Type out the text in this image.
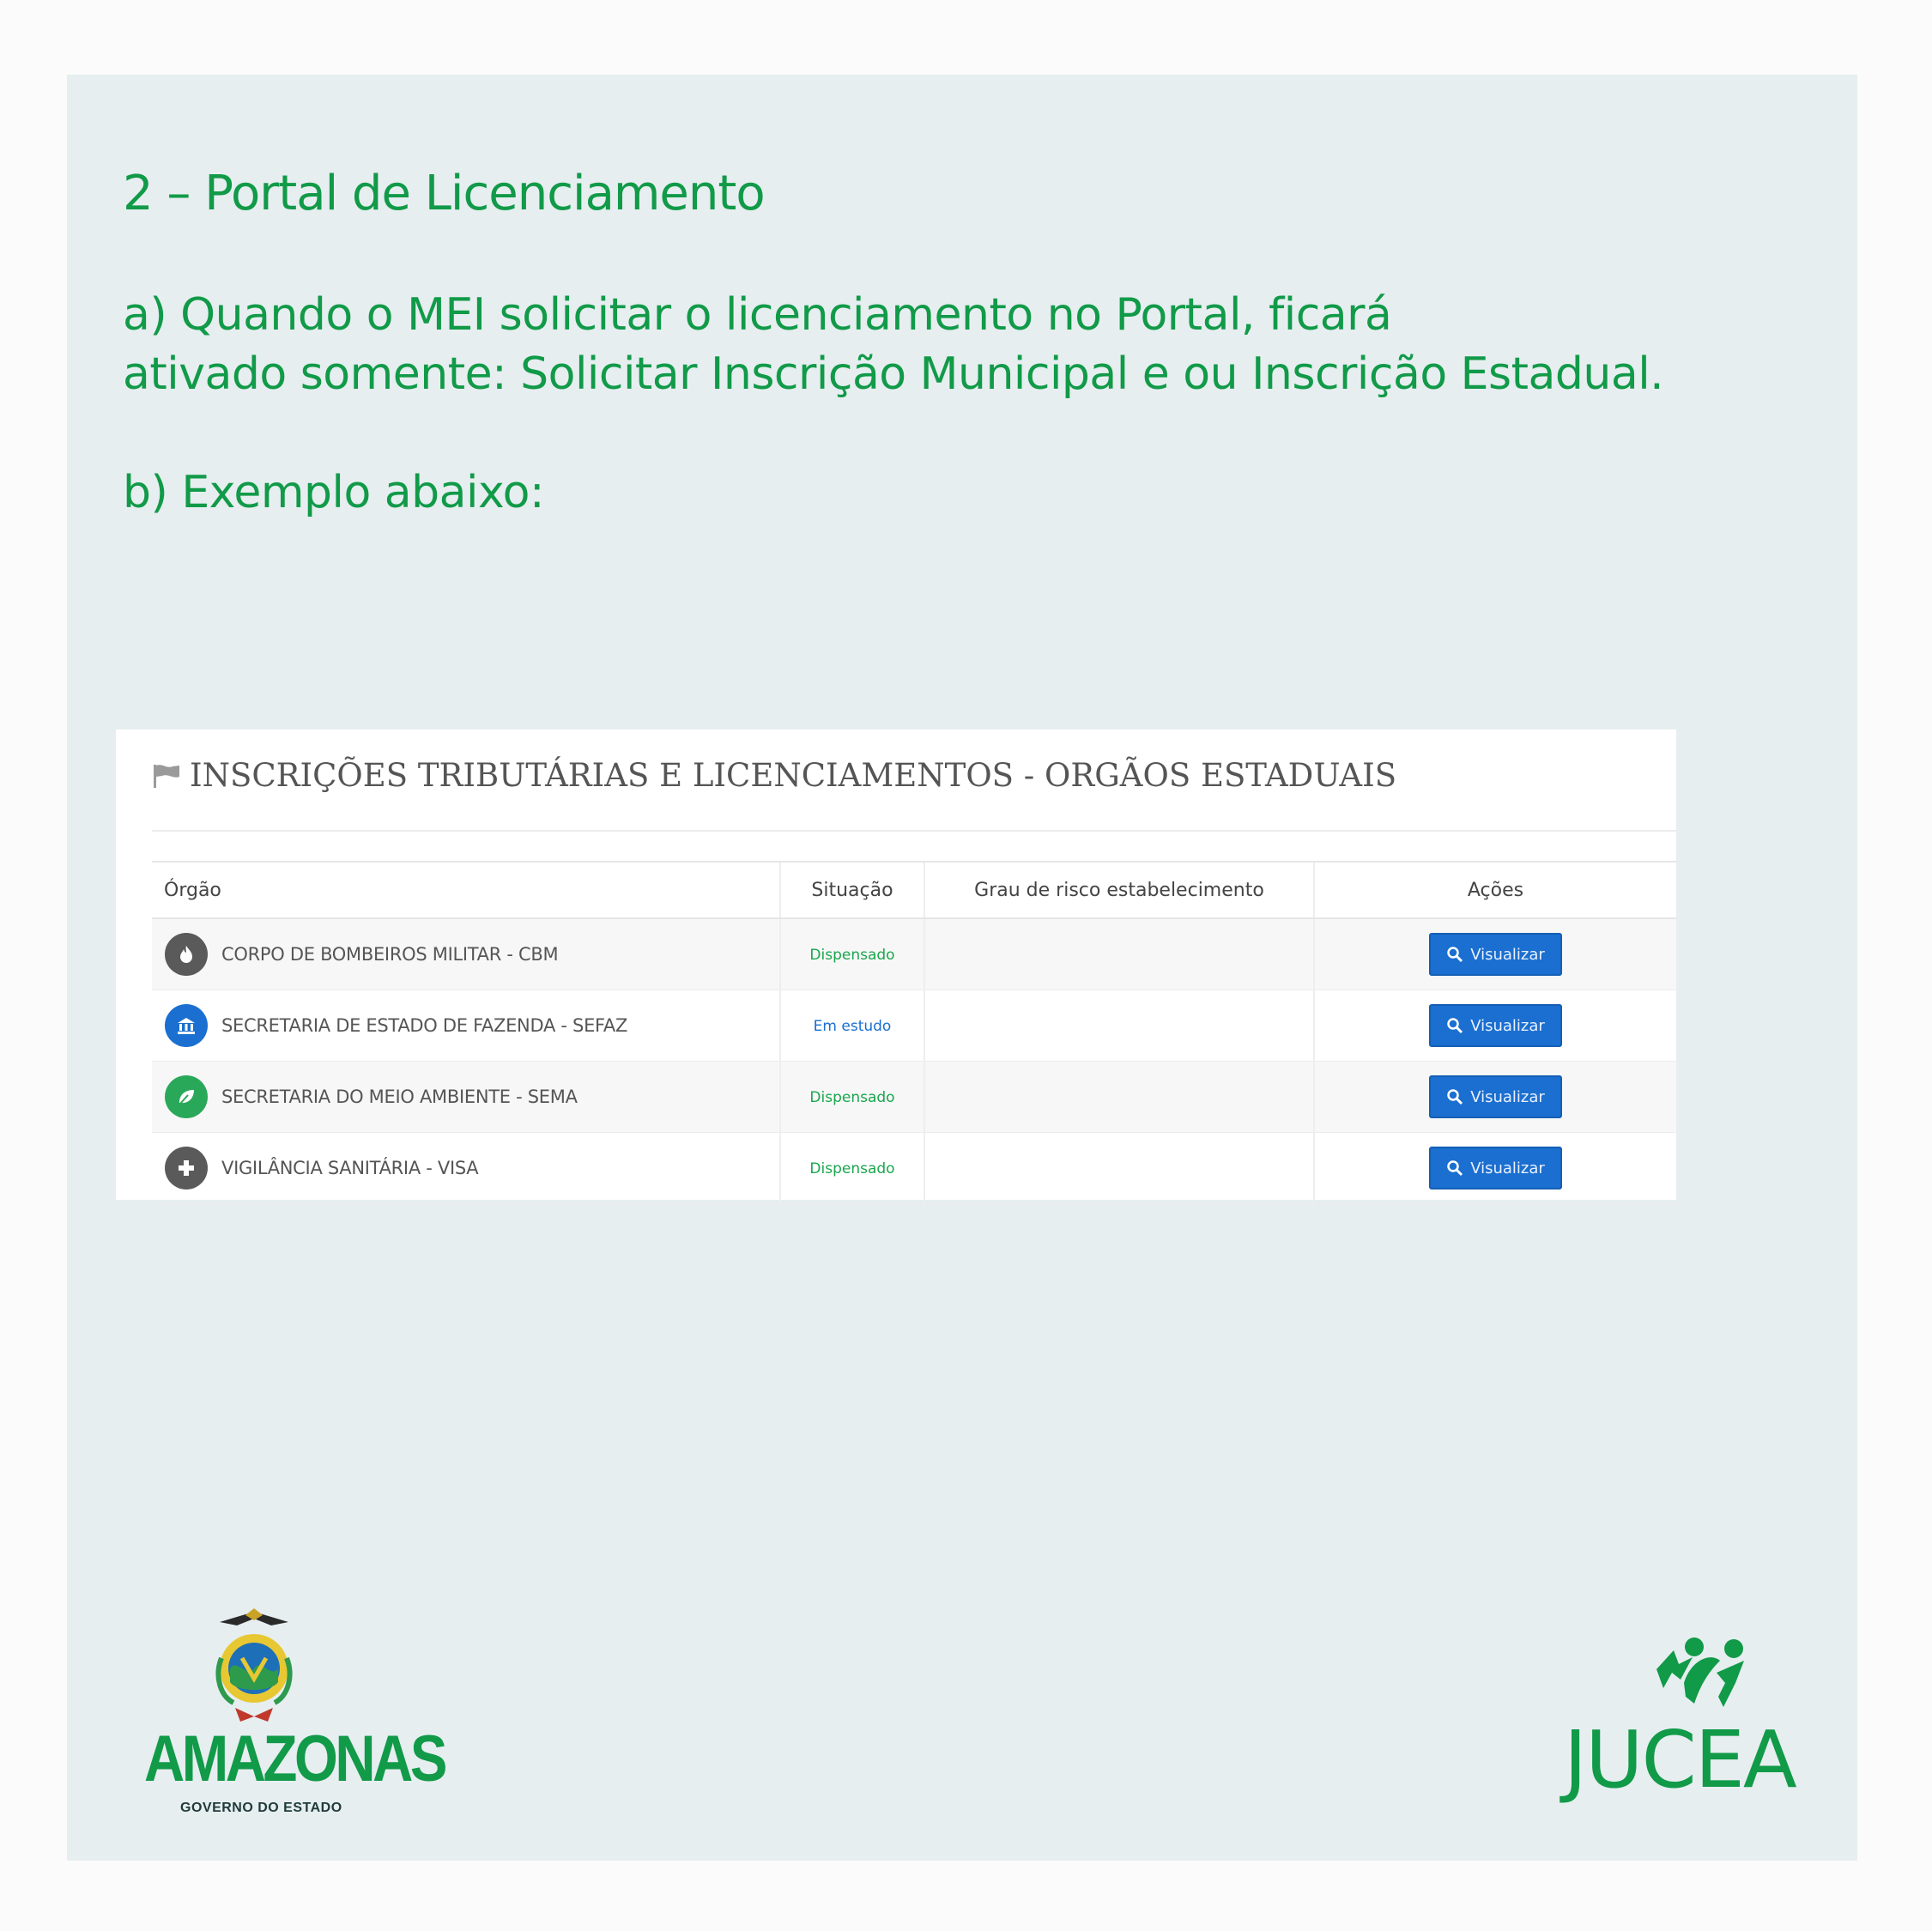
2 – Portal de Licenciamento
a) Quando o MEI solicitar o licenciamento no Portal, ficará
ativado somente: Solicitar Inscrição Municipal e ou Inscrição Estadual.
b) Exemplo abaixo:
INSCRIÇÕES TRIBUTÁRIAS E LICENCIAMENTOS - ORGÃOS ESTADUAIS
Órgão	Situação	Grau de risco estabelecimento	Ações

CORPO DE BOMBEIROS MILITAR - CBM	Dispensado		Visualizar

SECRETARIA DE ESTADO DE FAZENDA - SEFAZ	Em estudo		Visualizar

SECRETARIA DO MEIO AMBIENTE - SEMA	Dispensado		Visualizar

VIGILÂNCIA SANITÁRIA - VISA	Dispensado		Visualizar
AMAZONAS
GOVERNO DO ESTADO
JUCEA
